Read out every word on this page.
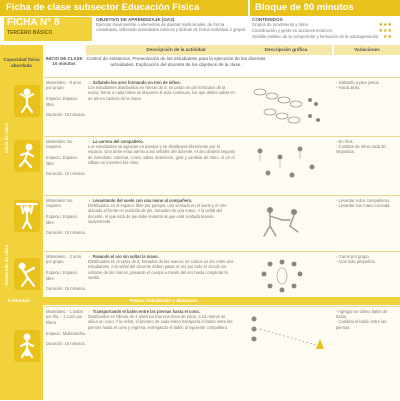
Ficha de clase subsector Educación Física	Bloque de 90 minutos
FICHA N° 8
TERCERO BÁSICO
OBJETIVO DE APRENDIZAJE (OA3)
Ejecutar movimientos o elementos de danzas tradicionales, de forma coordinada, utilizando actividades rítmicas y lúdicas de forma individual o grupal.
CONTENIDOS
Grupos de movimiento y ritmo.	★★★
Coordinación y gesto en acciones motrices.	★★★
Sentido positivo de la competición y formación de la autosuperación. ★★
Descripción de la actividad	Descripción gráfica	Variaciones
Capacidad física abordada
Inicio de clase
Desarrollo de clase
INICIO DE CLASE 10 minutos
Control de Asistencia. Presentación de los estudiantes para la ejecución de las diversas actividades. Explicación del docente de los objetivos de la clase.
Materiales: - 8 aros por grupo.

Espacio: Espacio libre.

Duración: 10 minutos.
✓ Saltando los aros formando un tren de niños.
Los estudiantes distribuidos en hileras de 5, se paran en pie formados de la mano; frente a cada hilera se disponen 8 aros continuos, los que deben saltar en un pie en cadena de la mano.
- Saltando a pies juntos.
- Hacia atrás.
Materiales: No requiere.

Espacio: Espacio libre.

Duración: 10 minutos.
✓ La carrera del compañero.
Los estudiantes se agrupan en parejas y se distribuyen libremente por el espacio. Uno debe estar atento a las señales del docente, el otro deberá seguirlo de inmediato: caminar, correr, saltar, detenerse, girar y cambiar de ritmo. Al oír el silbato se invierten los roles.
- En tríos.
- Cambiar de ritmo cada 30 segundos.
Materiales: No requiere.

Espacio: Espacio libre.

Duración: 10 minutos.
✓ Levantando del suelo con una mano al compañero.
Distribuidos en el espacio libre por parejas, uno sentado en el suelo y el otro ubicado al frente en posición de pie, tomados de una mano. A la señal del docente, el que está de pie debe levantar al que está sentado tirando suavemente.
- Levantar a dos compañeros.
- Levantar con mano cruzada.
Materiales: - 2 aros por grupo.

Espacio: Espacio libre.

Duración: 15 minutos.
✓ Pasando el aro sin soltar la mano.
Distribuidos en círculos de 8, tomados de las manos; se coloca un aro entre dos estudiantes. A la señal del docente deben pasar el aro por todo el círculo sin soltarse de las manos, pasando el cuerpo a través del aro hasta completar la vuelta.
- 3 aros por grupo.
- Aros más pequeños.
5 minutos	Pausa: hidratación y descanso.
Materiales: - 1 balón por fila. - 1 cono por hilera.

Espacio: Multicancha.

Duración: 15 minutos.
✓ Transportando el balón entre las piernas hasta el cono.
Distribuidos en hileras de 4 alumnos tras una línea de inicio; a 15 metros se ubica un cono. A la señal, el primero de cada hilera transporta el balón entre las piernas hasta el cono y regresa, entregando el balón al siguiente compañero.
- Agregar un último balón de todos.
- Cambiar el balón entre las piernas.
